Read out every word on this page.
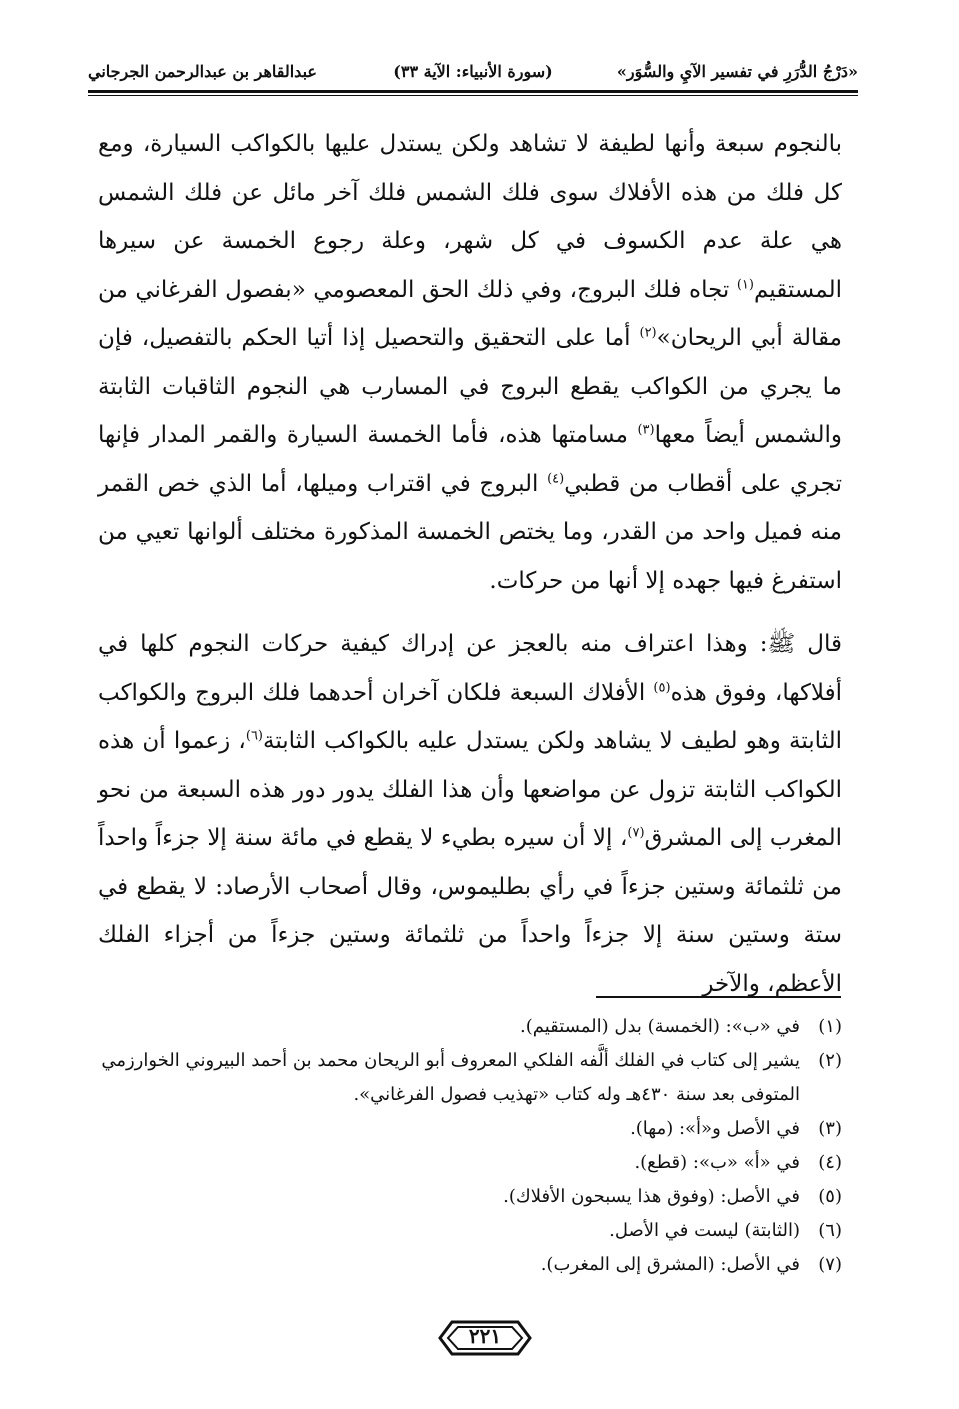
«دَرْجُ الدُّرَرِ في تفسير الآيِ والسُّوَر»
(سورة الأنبياء: الآية ٣٣)
عبدالقاهر بن عبدالرحمن الجرجاني
بالنجوم سبعة وأنها لطيفة لا تشاهد ولكن يستدل عليها بالكواكب السيارة، ومع كل فلك من هذه الأفلاك سوى فلك الشمس فلك آخر مائل عن فلك الشمس هي علة عدم الكسوف في كل شهر، وعلة رجوع الخمسة عن سيرها المستقيم$^{(١)}$ تجاه فلك البروج، وفي ذلك الحق المعصومي «بفصول الفرغاني من مقالة أبي الريحان»$^{(٢)}$ أما على التحقيق والتحصيل إذا أتيا الحكم بالتفصيل، فإن ما يجري من الكواكب يقطع البروج في المسارب هي النجوم الثاقبات الثابتة والشمس أيضاً معها$^{(٣)}$ مسامتها هذه، فأما الخمسة السيارة والقمر المدار فإنها تجري على أقطاب من قطبي$^{(٤)}$ البروج في اقتراب وميلها، أما الذي خص القمر منه فميل واحد من القدر، وما يختص الخمسة المذكورة مختلف ألوانها تعيي من استفرغ فيها جهده إلا أنها من حركات.
قال ﷺ: وهذا اعتراف منه بالعجز عن إدراك كيفية حركات النجوم كلها في أفلاكها، وفوق هذه$^{(٥)}$ الأفلاك السبعة فلكان آخران أحدهما فلك البروج والكواكب الثابتة وهو لطيف لا يشاهد ولكن يستدل عليه بالكواكب الثابتة$^{(٦)}$، زعموا أن هذه الكواكب الثابتة تزول عن مواضعها وأن هذا الفلك يدور دور هذه السبعة من نحو المغرب إلى المشرق$^{(٧)}$، إلا أن سيره بطيء لا يقطع في مائة سنة إلا جزءاً واحداً من ثلثمائة وستين جزءاً في رأي بطليموس، وقال أصحاب الأرصاد: لا يقطع في ستة وستين سنة إلا جزءاً واحداً من ثلثمائة وستين جزءاً من أجزاء الفلك الأعظم، والآخر
(١)
في «ب»: (الخمسة) بدل (المستقيم).
(٢)
يشير إلى كتاب في الفلك ألَّفه الفلكي المعروف أبو الريحان محمد بن أحمد البيروني الخوارزمي المتوفى بعد سنة ٤٣٠هـ وله كتاب «تهذيب فصول الفرغاني».
(٣)
في الأصل و«أ»: (مها).
(٤)
في «أ» «ب»: (قطع).
(٥)
في الأصل: (وفوق هذا يسبحون الأفلاك).
(٦)
(الثابتة) ليست في الأصل.
(٧)
في الأصل: (المشرق إلى المغرب).
٢٢١
